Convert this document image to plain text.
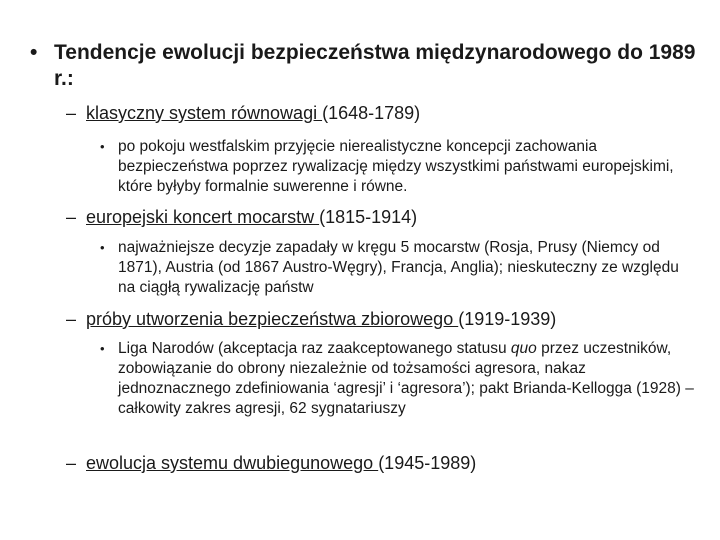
• Tendencje ewolucji bezpieczeństwa międzynarodowego do 1989 r.:
– klasyczny system równowagi (1648-1789)
• po pokoju westfalskim przyjęcie nierealistyczne koncepcji zachowania bezpieczeństwa poprzez rywalizację między wszystkimi państwami europejskimi, które byłyby formalnie suwerenne i równe.
– europejski koncert mocarstw (1815-1914)
• najważniejsze decyzje zapadały w kręgu 5 mocarstw (Rosja, Prusy (Niemcy od 1871), Austria (od 1867 Austro-Węgry), Francja, Anglia); nieskuteczny ze względu na ciągłą rywalizację państw
– próby utworzenia bezpieczeństwa zbiorowego (1919-1939)
• Liga Narodów (akceptacja raz zaakceptowanego statusu quo przez uczestników, zobowiązanie do obrony niezależnie od tożsamości agresora, nakaz jednoznacznego zdefiniowania ‘agresji’ i ‘agresora’); pakt Brianda-Kellogga (1928) –całkowity zakres agresji, 62 sygnatariuszy
– ewolucja systemu dwubiegunowego (1945-1989)
